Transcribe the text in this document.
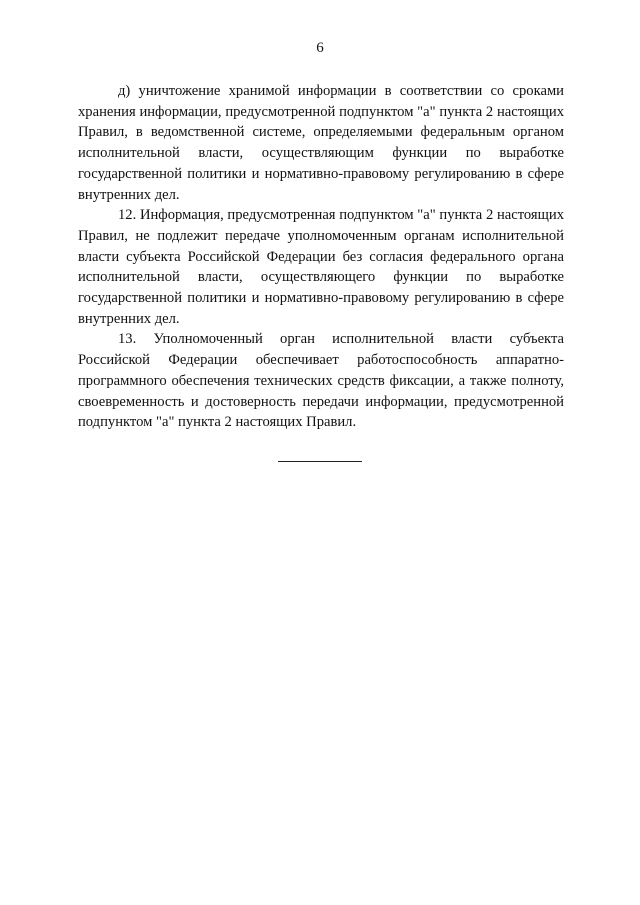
6

д) уничтожение хранимой информации в соответствии со сроками хранения информации, предусмотренной подпунктом "а" пункта 2 настоящих Правил, в ведомственной системе, определяемыми федеральным органом исполнительной власти, осуществляющим функции по выработке государственной политики и нормативно-правовому регулированию в сфере внутренних дел.

12. Информация, предусмотренная подпунктом "а" пункта 2 настоящих Правил, не подлежит передаче уполномоченным органам исполнительной власти субъекта Российской Федерации без согласия федерального органа исполнительной власти, осуществляющего функции по выработке государственной политики и нормативно-правовому регулированию в сфере внутренних дел.

13. Уполномоченный орган исполнительной власти субъекта Российской Федерации обеспечивает работоспособность аппаратно-программного обеспечения технических средств фиксации, а также полноту, своевременность и достоверность передачи информации, предусмотренной подпунктом "а" пункта 2 настоящих Правил.
